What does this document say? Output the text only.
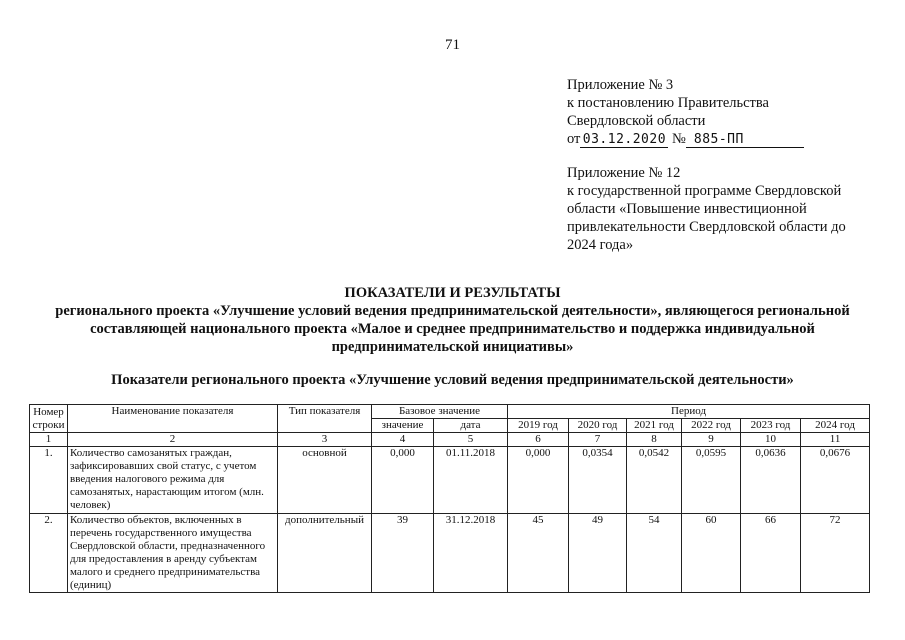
71
Приложение № 3
к постановлению Правительства
Свердловской области
от 03.12.2020 № 885-ПП
Приложение № 12
к государственной программе Свердловской области «Повышение инвестиционной привлекательности Свердловской области до 2024 года»
ПОКАЗАТЕЛИ И РЕЗУЛЬТАТЫ
регионального проекта «Улучшение условий ведения предпринимательской деятельности», являющегося региональной составляющей национального проекта «Малое и среднее предпринимательство и поддержка индивидуальной предпринимательской инициативы»
Показатели регионального проекта «Улучшение условий ведения предпринимательской деятельности»
Номер строки	Наименование показателя	Тип показателя	Базовое значение		Период					
			значение	дата	2019 год	2020 год	2021 год	2022 год	2023 год	2024 год
1	2	3	4	5	6	7	8	9	10	11
1.	Количество самозанятых граждан, зафиксировавших свой статус, с учетом введения налогового режима для самозанятых, нарастающим итогом (млн. человек)	основной	0,000	01.11.2018	0,000	0,0354	0,0542	0,0595	0,0636	0,0676
2.	Количество объектов, включенных в перечень государственного имущества Свердловской области, предназначенного для предоставления в аренду субъектам малого и среднего предпринимательства (единиц)	дополнительный	39	31.12.2018	45	49	54	60	66	72
